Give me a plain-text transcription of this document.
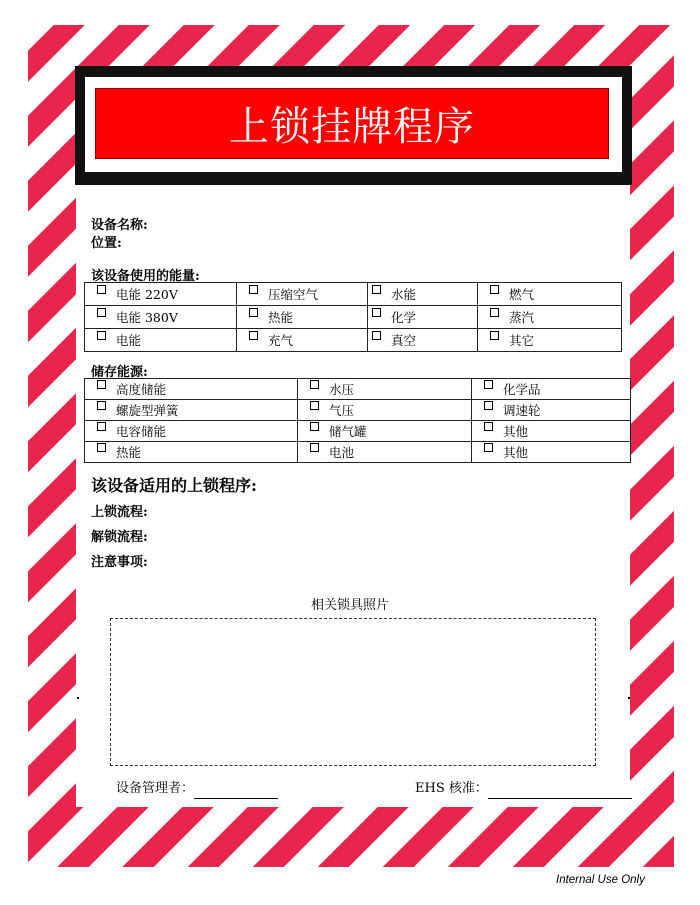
上锁挂牌程序
设备名称:
位置:
该设备使用的能量:
电能 220V	压缩空气	水能	燃气
电能 380V	热能	化学	蒸汽
电能	充气	真空	其它
储存能源:
高度储能	水压	化学品
螺旋型弹簧	气压	调速轮
电容储能	储气罐	其他
热能	电池	其他
该设备适用的上锁程序:
上锁流程:
解锁流程:
注意事项:
相关锁具照片
设备管理者：	EHS 核准：
Internal Use Only
